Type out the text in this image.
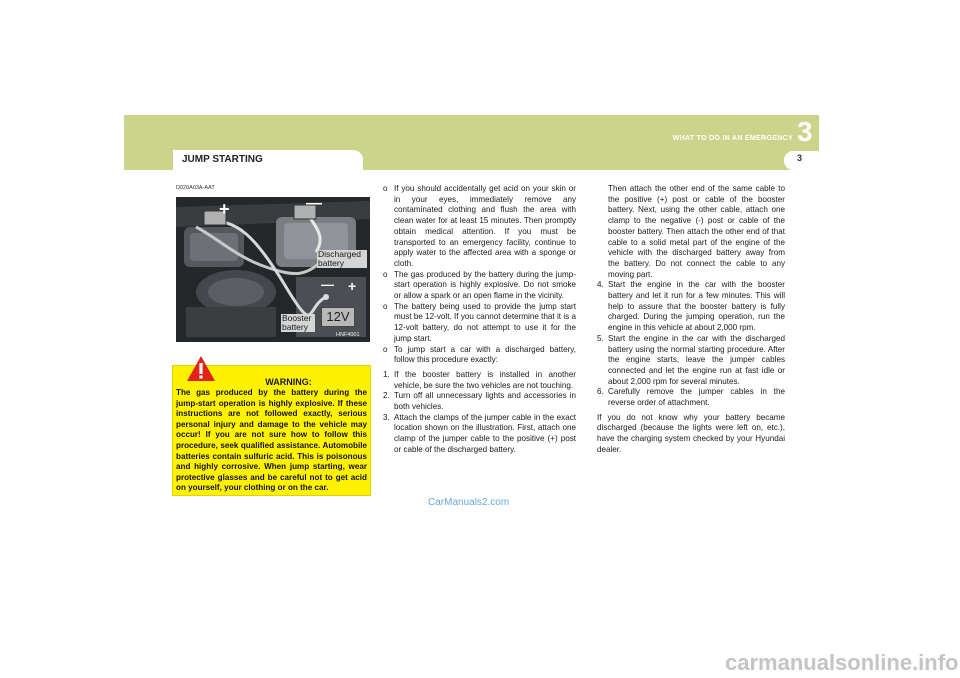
WHAT TO DO IN AN EMERGENCY 3
3
JUMP STARTING
D020A03A-AAT
+	—
— +
Discharged battery
Booster battery
12V
HNF4001
WARNING:
The gas produced by the battery during the jump-start operation is highly explosive. If these instructions are not followed exactly, serious personal injury and damage to the vehicle may occur! If you are not sure how to follow this procedure, seek qualified assistance. Automobile batteries contain sulfuric acid. This is poisonous and highly corrosive. When jump starting, wear protective glasses and be careful not to get acid on yourself, your clothing or on the car.

o If you should accidentally get acid on your skin or in your eyes, immediately remove any contaminated clothing and flush the area with clean water for at least 15 minutes. Then promptly obtain medical attention. If you must be transported to an emergency facility, continue to apply water to the affected area with a sponge or cloth.

o The gas produced by the battery during the jump-start operation is highly explosive. Do not smoke or allow a spark or an open flame in the vicinity.

o The battery being used to provide the jump start must be 12-volt. If you cannot determine that it is a 12-volt battery, do not attempt to use it for the jump start.

o To jump start a car with a discharged battery, follow this procedure exactly:

1. If the booster battery is installed in another vehicle, be sure the two vehicles are not touching.

2. Turn off all unnecessary lights and accessories in both vehicles.

3. Attach the clamps of the jumper cable in the exact location shown on the illustration. First, attach one clamp of the jumper cable to the positive (+) post or cable of the discharged battery.

Then attach the other end of the same cable to the positive (+) post or cable of the booster battery. Next, using the other cable, attach one clamp to the negative (-) post or cable of the booster battery. Then attach the other end of that cable to a solid metal part of the engine of the vehicle with the discharged battery away from the battery. Do not connect the cable to any moving part.

4. Start the engine in the car with the booster battery and let it run for a few minutes. This will help to assure that the booster battery is fully charged. During the jumping operation, run the engine in this vehicle at about 2,000 rpm.

5. Start the engine in the car with the discharged battery using the normal starting procedure. After the engine starts, leave the jumper cables connected and let the engine run at fast idle or about 2,000 rpm for several minutes.

6. Carefully remove the jumper cables in the reverse order of attachment.

If you do not know why your battery became discharged (because the lights were left on, etc.), have the charging system checked by your Hyundai dealer.

CarManuals2.com
carmanualsonline.info
